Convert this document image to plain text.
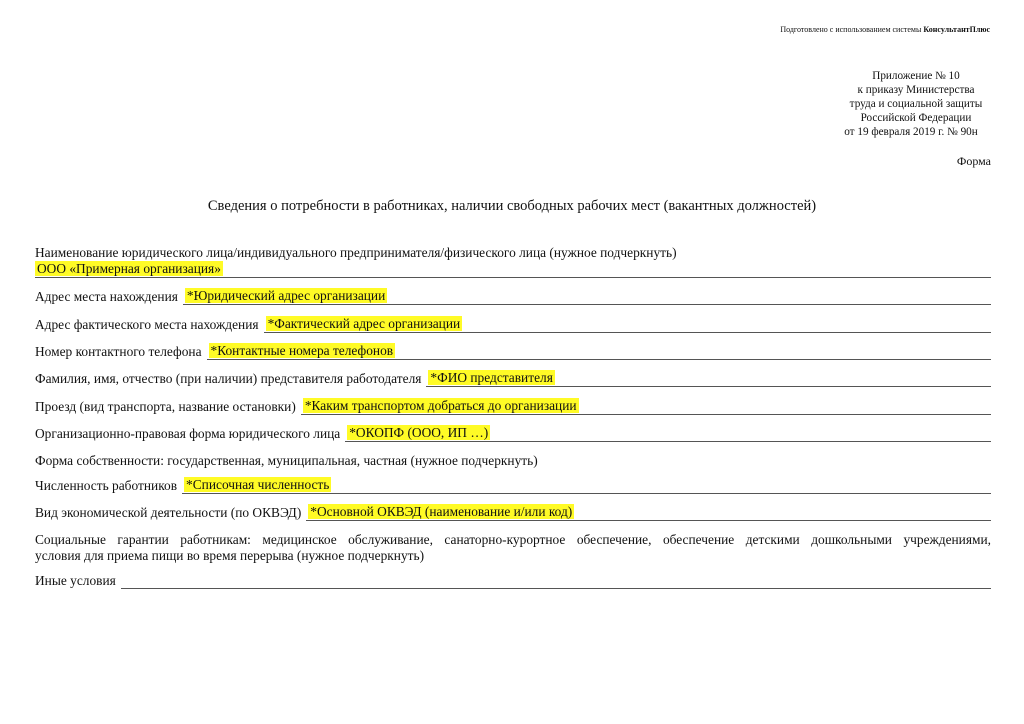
Подготовлено с использованием системы КонсультантПлюс
Приложение № 10
к приказу Министерства
труда и социальной защиты
Российской Федерации
от 19 февраля 2019 г. № 90н
Форма
Сведения о потребности в работниках, наличии свободных рабочих мест (вакантных должностей)
Наименование юридического лица/индивидуального предпринимателя/физического лица (нужное подчеркнуть)
ООО «Примерная организация»
Адрес места нахождения *Юридический адрес организации
Адрес фактического места нахождения *Фактический адрес организации
Номер контактного телефона *Контактные номера телефонов
Фамилия, имя, отчество (при наличии) представителя работодателя *ФИО представителя
Проезд (вид транспорта, название остановки) *Каким транспортом добраться до организации
Организационно-правовая форма юридического лица *ОКОПФ (ООО, ИП …)
Форма собственности: государственная, муниципальная, частная (нужное подчеркнуть)
Численность работников *Списочная численность
Вид экономической деятельности (по ОКВЭД) *Основной ОКВЭД (наименование и/или код)
Социальные гарантии работникам: медицинское обслуживание, санаторно-курортное обеспечение, обеспечение детскими дошкольными учреждениями,
условия для приема пищи во время перерыва (нужное подчеркнуть)
Иные условия
